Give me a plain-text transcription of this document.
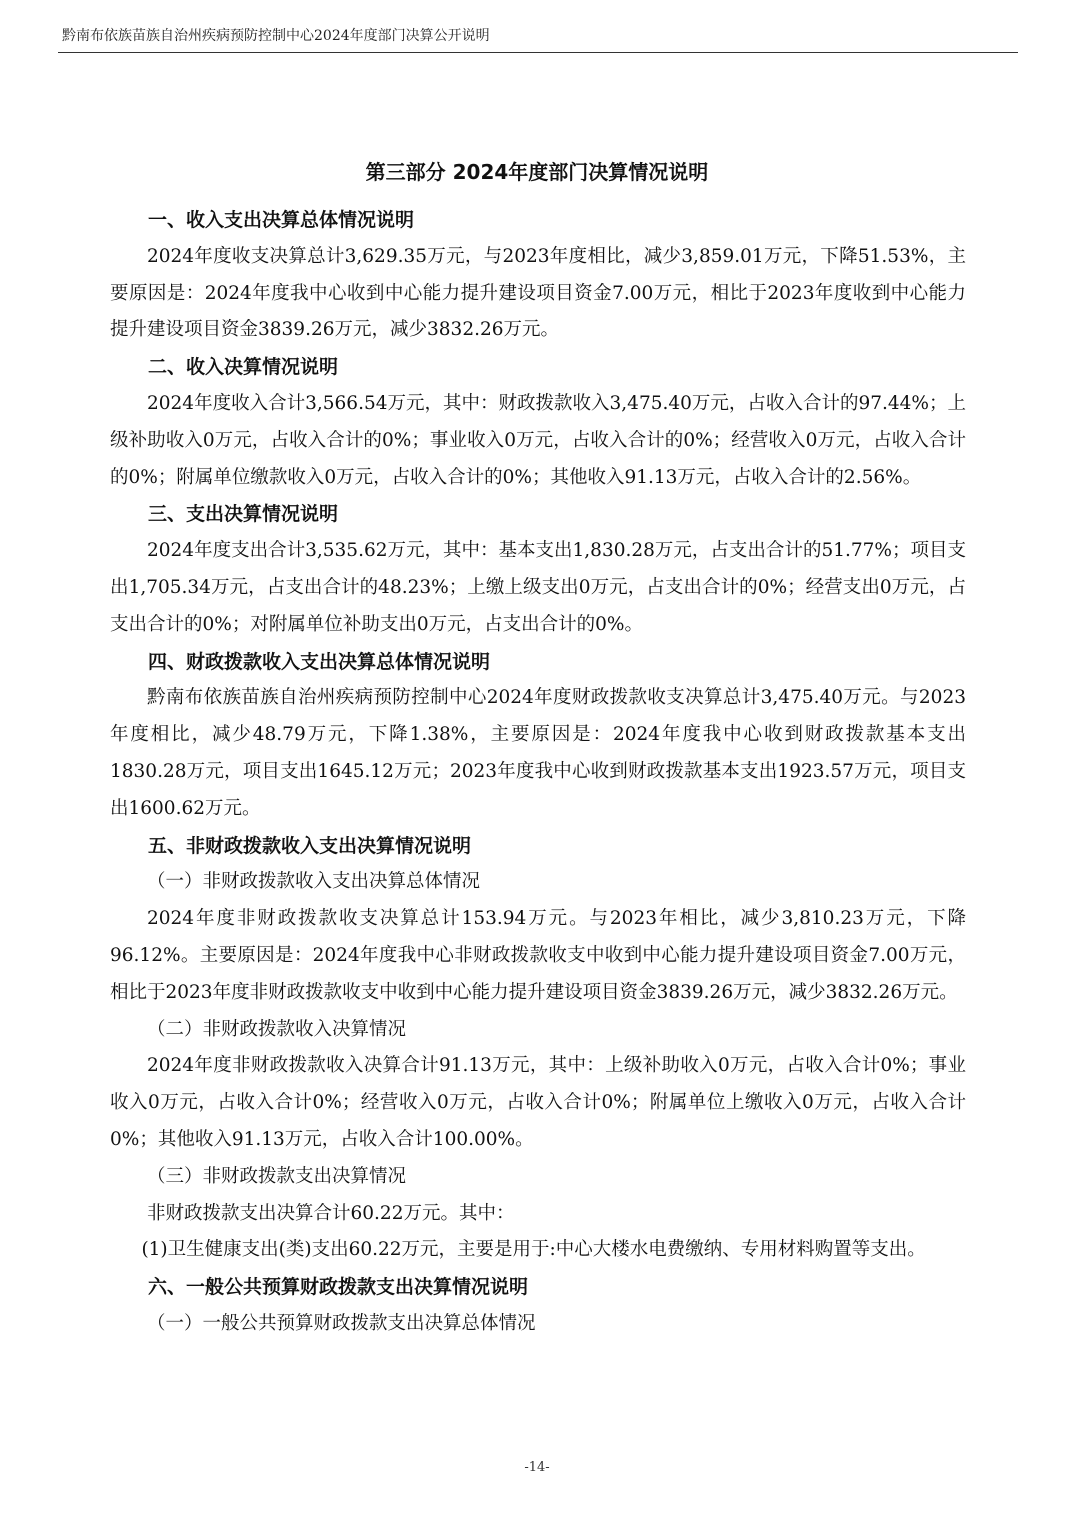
黔南布依族苗族自治州疾病预防控制中心2024年度部门决算公开说明
第三部分 2024年度部门决算情况说明

一、收入支出决算总体情况说明

2024年度收支决算总计3,629.35万元，与2023年度相比，减少3,859.01万元，下降51.53%，主要原因是：2024年度我中心收到中心能力提升建设项目资金7.00万元，相比于2023年度收到中心能力提升建设项目资金3839.26万元，减少3832.26万元。

二、收入决算情况说明

2024年度收入合计3,566.54万元，其中：财政拨款收入3,475.40万元，占收入合计的97.44%；上级补助收入0万元，占收入合计的0%；事业收入0万元，占收入合计的0%；经营收入0万元，占收入合计的0%；附属单位缴款收入0万元，占收入合计的0%；其他收入91.13万元，占收入合计的2.56%。

三、支出决算情况说明

2024年度支出合计3,535.62万元，其中：基本支出1,830.28万元，占支出合计的51.77%；项目支出1,705.34万元，占支出合计的48.23%；上缴上级支出0万元，占支出合计的0%；经营支出0万元，占支出合计的0%；对附属单位补助支出0万元，占支出合计的0%。

四、财政拨款收入支出决算总体情况说明

黔南布依族苗族自治州疾病预防控制中心2024年度财政拨款收支决算总计3,475.40万元。与2023年度相比，减少48.79万元，下降1.38%，主要原因是：2024年度我中心收到财政拨款基本支出1830.28万元，项目支出1645.12万元；2023年度我中心收到财政拨款基本支出1923.57万元，项目支出1600.62万元。

五、非财政拨款收入支出决算情况说明

（一）非财政拨款收入支出决算总体情况

2024年度非财政拨款收支决算总计153.94万元。与2023年相比，减少3,810.23万元，下降96.12%。主要原因是：2024年度我中心非财政拨款收支中收到中心能力提升建设项目资金7.00万元，相比于2023年度非财政拨款收支中收到中心能力提升建设项目资金3839.26万元，减少3832.26万元。

（二）非财政拨款收入决算情况

2024年度非财政拨款收入决算合计91.13万元，其中：上级补助收入0万元，占收入合计0%；事业收入0万元，占收入合计0%；经营收入0万元，占收入合计0%；附属单位上缴收入0万元，占收入合计0%；其他收入91.13万元，占收入合计100.00%。

（三）非财政拨款支出决算情况

非财政拨款支出决算合计60.22万元。其中：

(1)卫生健康支出(类)支出60.22万元，主要是用于:中心大楼水电费缴纳、专用材料购置等支出。

六、一般公共预算财政拨款支出决算情况说明

（一）一般公共预算财政拨款支出决算总体情况

-14-
